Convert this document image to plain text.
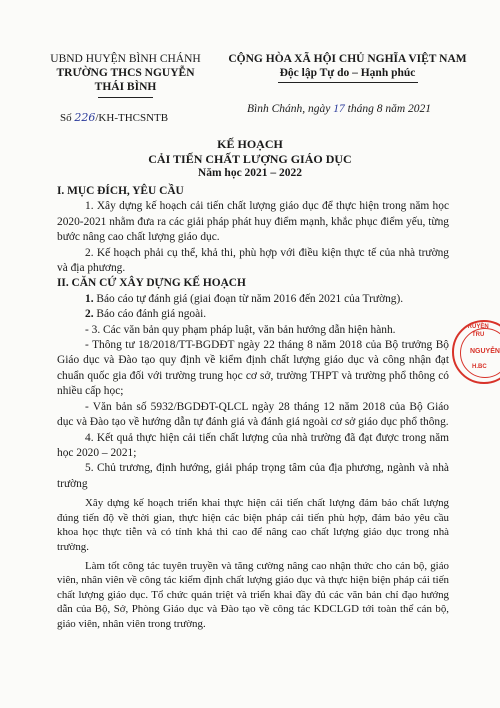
UBND HUYỆN BÌNH CHÁNH
TRƯỜNG THCS NGUYỄN
THÁI BÌNH
CỘNG HÒA XÃ HỘI CHỦ NGHĨA VIỆT NAM
Độc lập Tự do – Hạnh phúc
Số 226/KH-THCSNTB
Bình Chánh, ngày 17 tháng 8 năm 2021
KẾ HOẠCH
CẢI TIẾN CHẤT LƯỢNG GIÁO DỤC
Năm học 2021 – 2022

I. MỤC ĐÍCH, YÊU CẦU

1. Xây dựng kế hoạch cải tiến chất lượng giáo dục để thực hiện trong năm học 2020-2021 nhằm đưa ra các giải pháp phát huy điểm mạnh, khắc phục điểm yếu, từng bước nâng cao chất lượng giáo dục.

2. Kế hoạch phải cụ thể, khả thi, phù hợp với điều kiện thực tế của nhà trường và địa phương.

II. CĂN CỨ XÂY DỰNG KẾ HOẠCH

1. Báo cáo tự đánh giá (giai đoạn từ năm 2016 đến 2021 của Trường).

2. Báo cáo đánh giá ngoài.

- 3. Các văn bản quy phạm pháp luật, văn bản hướng dẫn hiện hành.

- Thông tư 18/2018/TT-BGDĐT ngày 22 tháng 8 năm 2018 của Bộ trưởng Bộ Giáo dục và Đào tạo quy định về kiểm định chất lượng giáo dục và công nhận đạt chuẩn quốc gia đối với trường trung học cơ sở, trường THPT và trường phổ thông có nhiều cấp học;

- Văn bản số 5932/BGDĐT-QLCL ngày 28 tháng 12 năm 2018 của Bộ Giáo dục và Đào tạo về hướng dẫn tự đánh giá và đánh giá ngoài cơ sở giáo dục phổ thông.

4. Kết quả thực hiện cải tiến chất lượng của nhà trường đã đạt được trong năm học 2020 – 2021;

5. Chủ trương, định hướng, giải pháp trọng tâm của địa phương, ngành và nhà trường

Xây dựng kế hoạch triển khai thực hiện cải tiến chất lượng đảm bảo chất lượng đúng tiến độ về thời gian, thực hiện các biện pháp cải tiến phù hợp, đảm bảo yêu cầu khoa học thực tiễn và có tính khả thi cao để nâng cao chất lượng giáo dục trong nhà trường.

Làm tốt công tác tuyên truyền và tăng cường nâng cao nhận thức cho cán bộ, giáo viên, nhân viên về công tác kiểm định chất lượng giáo dục và thực hiện biện pháp cải tiến chất lượng giáo dục. Tổ chức quán triệt và triển khai đầy đủ các văn bản chỉ đạo hướng dẫn của Bộ, Sở, Phòng Giáo dục và Đào tạo về công tác KDCLGD tới toàn thể cán bộ, giáo viên, nhân viên trong trường.

TRUYỀN
TRU
NGUYỄN
H.BC
